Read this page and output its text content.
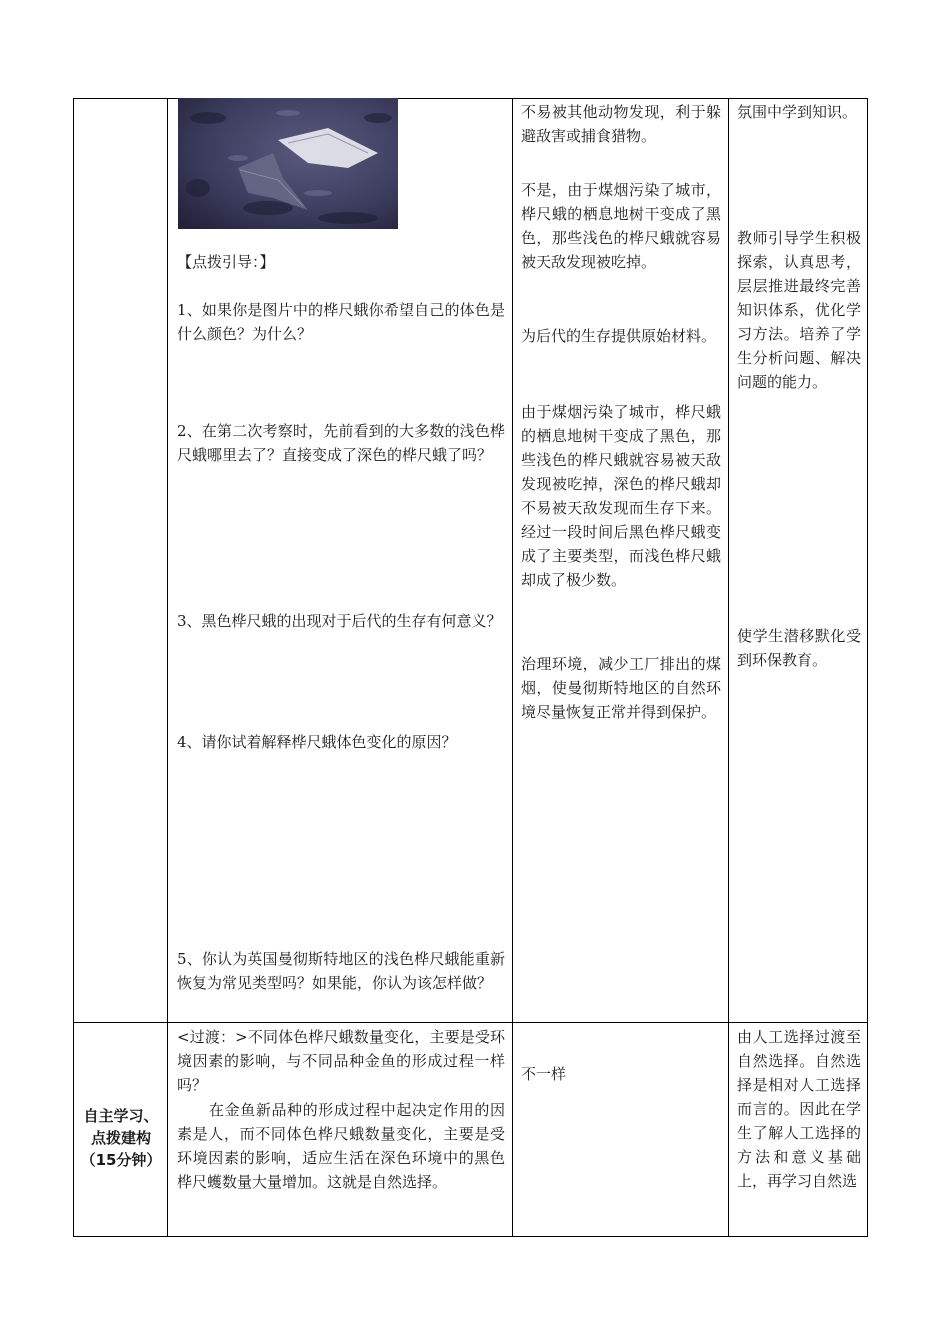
【点拨引导：】
1、如果你是图片中的桦尺蛾你希望自己的体色是什么颜色？为什么？
2、在第二次考察时，先前看到的大多数的浅色桦尺蛾哪里去了？直接变成了深色的桦尺蛾了吗？
3、黑色桦尺蛾的出现对于后代的生存有何意义？
4、请你试着解释桦尺蛾体色变化的原因？
5、你认为英国曼彻斯特地区的浅色桦尺蛾能重新恢复为常见类型吗？如果能，你认为该怎样做？
不易被其他动物发现，利于躲避敌害或捕食猎物。
不是，由于煤烟污染了城市，桦尺蛾的栖息地树干变成了黑色，那些浅色的桦尺蛾就容易被天敌发现被吃掉。
为后代的生存提供原始材料。
由于煤烟污染了城市，桦尺蛾的栖息地树干变成了黑色，那些浅色的桦尺蛾就容易被天敌发现被吃掉，深色的桦尺蛾却不易被天敌发现而生存下来。经过一段时间后黑色桦尺蛾变成了主要类型，而浅色桦尺蛾却成了极少数。
治理环境，减少工厂排出的煤烟，使曼彻斯特地区的自然环境尽量恢复正常并得到保护。
氛围中学到知识。
教师引导学生积极探索，认真思考，层层推进最终完善知识体系，优化学习方法。培养了学生分析问题、解决问题的能力。
使学生潜移默化受到环保教育。
自主学习、
点拨建构
（15分钟）
<过渡：>不同体色桦尺蛾数量变化，主要是受环境因素的影响，与不同品种金鱼的形成过程一样吗？
在金鱼新品种的形成过程中起决定作用的因素是人，而不同体色桦尺蛾数量变化，主要是受环境因素的影响，适应生活在深色环境中的黑色桦尺蠖数量大量增加。这就是自然选择。
不一样
由人工选择过渡至自然选择。自然选择是相对人工选择而言的。因此在学生了解人工选择的方法和意义基础上，再学习自然选
